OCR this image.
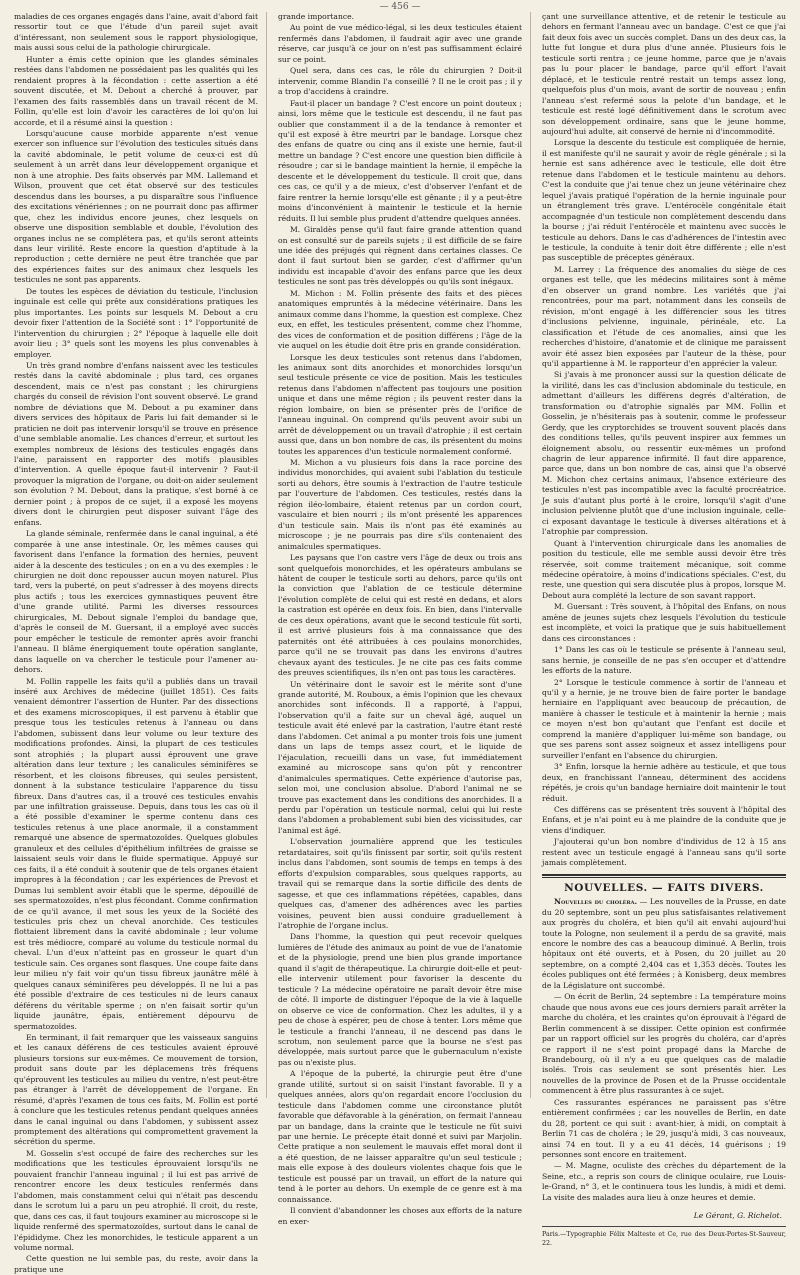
— 456 —

maladies de ces organes engagés dans l'aine, avait d'abord fait ressortir tout ce que l'étude d'un pareil sujet avait d'intéressant, non seulement sous le rapport physiologique, mais aussi sous celui de la pathologie chirurgicale.

Hunter a émis cette opinion que les glandes séminales restées dans l'abdomen ne possédaient pas les qualités qui les rendaient propres à la fécondation : cette assertion a été souvent discutée, et M. Debout a cherché à prouver, par l'examen des faits rassemblés dans un travail récent de M. Follin, qu'elle est loin d'avoir les caractères de loi qu'on lui accorde, et il a résumé ainsi la question :

Lorsqu'aucune cause morbide apparente n'est venue exercer son influence sur l'évolution des testicules situés dans la cavité abdominale, le petit volume de ceux-ci est dû seulement à un arrêt dans leur développement organique et non à une atrophie. Des faits observés par MM. Lallemand et Wilson, prouvent que cet état observé sur des testicules descendus dans les bourses, a pu disparaître sous l'influence des excitations vénériennes ; on ne pourrait donc pas affirmer que, chez les individus encore jeunes, chez lesquels on observe une disposition semblable et double, l'évolution des organes inclus ne se complétera pas, et qu'ils seront atteints dans leur virilité. Reste encore la question d'aptitude à la reproduction ; cette dernière ne peut être tranchée que par des expériences faites sur des animaux chez lesquels les testicules ne sont pas apparents.

De toutes les espèces de déviation du testicule, l'inclusion inguinale est celle qui prête aux considérations pratiques les plus importantes. Les points sur lesquels M. Debout a cru devoir fixer l'attention de la Société sont : 1° l'opportunité de l'intervention du chirurgien ; 2° l'époque à laquelle elle doit avoir lieu ; 3° quels sont les moyens les plus convenables à employer.

Un très grand nombre d'enfans naissent avec les testicules restés dans la cavité abdominale ; plus tard, ces organes descendent, mais ce n'est pas constant ; les chirurgiens chargés du conseil de révision l'ont souvent observé. Le grand nombre de déviations que M. Debout a pu examiner dans divers services des hôpitaux de Paris lui fait demander si le praticien ne doit pas intervenir lorsqu'il se trouve en présence d'une semblable anomalie. Les chances d'erreur, et surtout les exemples nombreux de lésions des testicules engagés dans l'aine, paraissent en rapporter des motifs plausibles d'intervention. A quelle époque faut-il intervenir ? Faut-il provoquer la migration de l'organe, ou doit-on aider seulement son évolution ? M. Debout, dans la pratique, s'est borné à ce dernier point ; à propos de ce sujet, il a exposé les moyens divers dont le chirurgien peut disposer suivant l'âge des enfans.

La glande séminale, renfermée dans le canal inguinal, a été comparée à une anse intestinale. Or, les mêmes causes qui favorisent dans l'enfance la formation des hernies, peuvent aider à la descente des testicules ; on en a vu des exemples : le chirurgien ne doit donc repousser aucun moyen naturel. Plus tard, vers la puberté, on peut s'adresser à des moyens directs plus actifs ; tous les exercices gymnastiques peuvent être d'une grande utilité. Parmi les diverses ressources chirurgicales, M. Debout signale l'emploi du bandage que, d'après le conseil de M. Guersant, il a employé avec succès pour empêcher le testicule de remonter après avoir franchi l'anneau. Il blâme énergiquement toute opération sanglante, dans laquelle on va chercher le testicule pour l'amener au-dehors.

M. Follin rappelle les faits qu'il a publiés dans un travail inséré aux Archives de médecine (juillet 1851). Ces faits venaient démontrer l'assertion de Hunter. Par des dissections et des examens microscopiques, il est parvenu à établir que presque tous les testicules retenus à l'anneau ou dans l'abdomen, subissent dans leur volume ou leur texture des modifications profondes. Ainsi, la plupart de ces testicules sont atrophiés ; la plupart aussi éprouvent une grave altération dans leur texture ; les canalicules séminifères se résorbent, et les cloisons fibreuses, qui seules persistent, donnent à la substance testiculaire l'apparence du tissu fibreux. Dans d'autres cas, il a trouvé ces testicules envahis par une infiltration graisseuse. Depuis, dans tous les cas où il a été possible d'examiner le sperme contenu dans ces testicules retenus à une place anormale, il a constamment remarqué une absence de spermatozoïdes. Quelques globules granuleux et des cellules d'épithélium infiltrées de graisse se laissaient seuls voir dans le fluide spermatique. Appuyé sur ces faits, il a été conduit à soutenir que de tels organes étaient impropres à la fécondation ; car les expériences de Prevost et Dumas lui semblent avoir établi que le sperme, dépouillé de ses spermatozoïdes, n'est plus fécondant. Comme confirmation de ce qu'il avance, il met sous les yeux de la Société des testicules pris chez un cheval anorchide. Ces testicules flottaient librement dans la cavité abdominale ; leur volume est très médiocre, comparé au volume du testicule normal du cheval. L'un d'eux n'atteint pas en grosseur le quart d'un testicule sain. Ces organes sont flasques. Une coupe faite dans leur milieu n'y fait voir qu'un tissu fibreux jaunâtre mêlé à quelques canaux séminifères peu développés. Il ne lui a pas été possible d'extraire de ces testicules ni de leurs canaux déférens du véritable sperme ; on n'en faisait sortir qu'un liquide jaunâtre, épais, entièrement dépourvu de spermatozoïdes.

En terminant, il fait remarquer que les vaisseaux sanguins et les canaux déférens de ces testicules avaient éprouvé plusieurs torsions sur eux-mêmes. Ce mouvement de torsion, produit sans doute par les déplacemens très fréquens qu'éprouvent les testicules au milieu du ventre, n'est peut-être pas étranger à l'arrêt de développement de l'organe. En résumé, d'après l'examen de tous ces faits, M. Follin est porté à conclure que les testicules retenus pendant quelques années dans le canal inguinal ou dans l'abdomen, y subissent assez promptement des altérations qui compromettent gravement la sécrétion du sperme.

M. Gosselin s'est occupé de faire des recherches sur les modifications que les testicules éprouvaient lorsqu'ils ne pouvaient franchir l'anneau inguinal ; il lui est pas arrivé de rencontrer encore les deux testicules renfermés dans l'abdomen, mais constamment celui qui n'était pas descendu dans le scrotum lui a paru un peu atrophié. Il croit, du reste, que, dans ces cas, il faut toujours examiner au microscope si le liquide renfermé des spermatozoïdes, surtout dans le canal de l'épididyme. Chez les monorchides, le testicule apparent a un volume normal.

Cette question ne lui semble pas, du reste, avoir dans la pratique une

grande importance.

Au point de vue médico-légal, si les deux testicules étaient renfermés dans l'abdomen, il faudrait agir avec une grande réserve, car jusqu'à ce jour on n'est pas suffisamment éclairé sur ce point.

Quel sera, dans ces cas, le rôle du chirurgien ? Doit-il intervenir, comme Blandin l'a conseillé ? Il ne le croit pas ; il y a trop d'accidens à craindre.

Faut-il placer un bandage ? C'est encore un point douteux ; ainsi, lors même que le testicule est descendu, il ne faut pas oublier que constamment il a de la tendance à remonter et qu'il est exposé à être meurtri par le bandage. Lorsque chez des enfans de quatre ou cinq ans il existe une hernie, faut-il mettre un bandage ? C'est encore une question bien difficile à résoudre ; car si le bandage maintient la hernie, il empêche la descente et le développement du testicule. Il croit que, dans ces cas, ce qu'il y a de mieux, c'est d'observer l'enfant et de faire rentrer la hernie lorsqu'elle est gênante ; il y a peut-être moins d'inconvénient à maintenir le testicule et la hernie réduits. Il lui semble plus prudent d'attendre quelques années.

M. Giraldès pense qu'il faut faire grande attention quand on est consulté sur de pareils sujets ; il est difficile de se faire une idée des préjugés qui règnent dans certaines classes. Ce dont il faut surtout bien se garder, c'est d'affirmer qu'un individu est incapable d'avoir des enfans parce que les deux testicules ne sont pas très développés ou qu'ils sont inégaux.

M. Michon : M. Follin présente des faits et des pièces anatomiques empruntés à la médecine vétérinaire. Dans les animaux comme dans l'homme, la question est complexe. Chez eux, en effet, les testicules présentent, comme chez l'homme, des vices de conformation et de position différens ; l'âge de la vie auquel on les étudie doit être pris en grande considération.

Lorsque les deux testicules sont retenus dans l'abdomen, les animaux sont dits anorchides et monorchides lorsqu'un seul testicule présente ce vice de position. Mais les testicules retenus dans l'abdomen n'affectent pas toujours une position unique et dans une même région ; ils peuvent rester dans la région lombaire, on bien se présenter près de l'orifice de l'anneau inguinal. On comprend qu'ils peuvent avoir subi un arrêt de développement ou un travail d'atrophie ; il est certain aussi que, dans un bon nombre de cas, ils présentent du moins toutes les apparences d'un testicule normalement conformé.

M. Michon a vu plusieurs fois dans la race porcine des individus monorchides, qui avaient subi l'ablation du testicule sorti au dehors, être soumis à l'extraction de l'autre testicule par l'ouverture de l'abdomen. Ces testicules, restés dans la région iléo-lombaire, étaient retenus par un cordon court, vasculaire et bien nourri ; ils m'ont présenté les apparences d'un testicule sain. Mais ils n'ont pas été examinés au microscope ; je ne pourrais pas dire s'ils contenaient des animalcules spermatiques.

Les paysans que l'on castre vers l'âge de deux ou trois ans sont quelquefois monorchides, et les opérateurs ambulans se hâtent de couper le testicule sorti au dehors, parce qu'ils ont la conviction que l'ablation de ce testicule détermine l'évolution complète de celui qui est resté en dedans, et alors la castration est opérée en deux fois. En bien, dans l'intervalle de ces deux opérations, avant que le second testicule fût sorti, il est arrivé plusieurs fois à ma connaissance que des paternités ont été attribuées à ces poulains monorchides, parce qu'il ne se trouvait pas dans les environs d'autres chevaux ayant des testicules. Je ne cite pas ces faits comme des preuves scientifiques, ils n'en ont pas tous les caractères.

Un vétérinaire dont le savoir est le mérite sont d'une grande autorité, M. Rouboux, a émis l'opinion que les chevaux anorchides sont inféconds. Il a rapporté, à l'appui, l'observation qu'il a faite sur un cheval âgé, auquel un testicule avait été enlevé par la castration, l'autre étant resté dans l'abdomen. Cet animal a pu monter trois fois une jument dans un laps de temps assez court, et le liquide de l'éjaculation, recueilli dans un vase, fut immédiatement examiné au microscope sans qu'on pût y rencontrer d'animalcules spermatiques. Cette expérience d'autorise pas, selon moi, une conclusion absolue. D'abord l'animal ne se trouve pas exactement dans les conditions des anorchides. Il a perdu par l'opération un testicule normal, celui qui lui reste dans l'abdomen a probablement subi bien des vicissitudes, car l'animal est âgé.

L'observation journalière apprend que les testicules retardataires, soit qu'ils finissent par sortir, soit qu'ils restent inclus dans l'abdomen, sont soumis de temps en temps à des efforts d'expulsion comparables, sous quelques rapports, au travail qui se remarque dans la sortie difficile des dents de sagesse, et que ces inflammations répétées, capables, dans quelques cas, d'amener des adhérences avec les parties voisines, peuvent bien aussi conduire graduellement à l'atrophie de l'organe inclus.

Dans l'homme, la question qui peut recevoir quelques lumières de l'étude des animaux au point de vue de l'anatomie et de la physiologie, prend une bien plus grande importance quand il s'agit de thérapeutique. La chirurgie doit-elle et peut-elle intervenir utilement pour favoriser la descente du testicule ? La médecine opératoire ne paraît devoir être mise de côté. Il importe de distinguer l'époque de la vie à laquelle on observe ce vice de conformation. Chez les adultes, il y a peu de chose à espérer, peu de chose à tenter. Lors même que le testicule a franchi l'anneau, il ne descend pas dans le scrotum, non seulement parce que la bourse ne s'est pas développée, mais surtout parce que le gubernaculum n'existe pas ou n'existe plus.

A l'époque de la puberté, la chirurgie peut être d'une grande utilité, surtout si on saisit l'instant favorable. Il y a quelques années, alors qu'on regardait encore l'occlusion du testicule dans l'abdomen comme une circonstance plutôt favorable que défavorable à la génération, on fermait l'anneau par un bandage, dans la crainte que le testicule ne fût suivi par une hernie. Le précepte était donné et suivi par Marjolin. Cette pratique a non seulement le mauvais effet moral dont il a été question, de ne laisser apparaître qu'un seul testicule ; mais elle expose à des douleurs violentes chaque fois que le testicule est poussé par un travail, un effort de la nature qui tend à le porter au dehors. Un exemple de ce genre est à ma connaissance.

Il convient d'abandonner les choses aux efforts de la nature en exer-

çant une surveillance attentive, et de retenir le testicule au dehors en fermant l'anneau avec un bandage. C'est ce que j'ai fait deux fois avec un succès complet. Dans un des deux cas, la lutte fut longue et dura plus d'une année. Plusieurs fois le testicule sorti rentra ; ce jeune homme, parce que je n'avais pas lu pour placer le bandage, parce qu'il effort l'avait déplacé, et le testicule rentré restait un temps assez long, quelquefois plus d'un mois, avant de sortir de nouveau ; enfin l'anneau s'est refermé sous la pelote d'un bandage, et le testicule est resté logé définitivement dans le scrotum avec son développement ordinaire, sans que le jeune homme, aujourd'hui adulte, ait conservé de hernie ni d'incommodité.

Lorsque la descente du testicule est compliquée de hernie, il est manifeste qu'il ne saurait y avoir de règle générale ; si la hernie est sans adhérence avec le testicule, elle doit être retenue dans l'abdomen et le testicule maintenu au dehors. C'est la conduite que j'ai tenue chez un jeune vétérinaire chez lequel j'avais pratiqué l'opération de la hernie inguinale pour un étranglement très grave. L'entérocèle congénitale était accompagnée d'un testicule non complètement descendu dans la bourse ; j'ai réduit l'entérocèle et maintenu avec succès le testicule au dehors. Dans le cas d'adhérences de l'intestin avec le testicule, la conduite à tenir doit être différente ; elle n'est pas susceptible de préceptes généraux.

M. Larrey : La fréquence des anomalies du siège de ces organes est telle, que les médecins militaires sont à même d'en observer un grand nombre. Les variétés que j'ai rencontrées, pour ma part, notamment dans les conseils de révision, m'ont engagé à les différencier sous les titres d'inclusions pelvienne, inguinale, périnéale, etc. La classification et l'étude de ces anomalies, ainsi que les recherches d'histoire, d'anatomie et de clinique me paraissent avoir été assez bien exposées par l'auteur de la thèse, pour qu'il appartienne à M. le rapporteur d'en apprécier la valeur.

Si j'avais à me prononcer aussi sur la question délicate de la virilité, dans les cas d'inclusion abdominale du testicule, en admettant d'ailleurs les différens degrés d'altération, de transformation ou d'atrophie signalés par MM. Follin et Gosselin, je n'hésiterais pas à soutenir, comme le professeur Gerdy, que les cryptorchides se trouvent souvent placés dans des conditions telles, qu'ils peuvent inspirer aux femmes un éloignement absolu, ou ressentir eux-mêmes un profond chagrin de leur apparence infirmité. Il faut dire apparence, parce que, dans un bon nombre de cas, ainsi que l'a observé M. Michon chez certains animaux, l'absence extérieure des testicules n'est pas incompatible avec la faculté procréatrice. Je suis d'autant plus porté à le croire, lorsqu'il s'agit d'une inclusion pelvienne plutôt que d'une inclusion inguinale, celle-ci exposant davantage le testicule à diverses altérations et à l'atrophie par compression.

Quant à l'intervention chirurgicale dans les anomalies de position du testicule, elle me semble aussi devoir être très réservée, soit comme traitement mécanique, soit comme médecine opératoire, à moins d'indications spéciales. C'est, du reste, une question qui sera discutée plus à propos, lorsque M. Debout aura complété la lecture de son savant rapport.

M. Guersant : Très souvent, à l'hôpital des Enfans, on nous amène de jeunes sujets chez lesquels l'évolution du testicule est incomplète, et voici la pratique que je suis habituellement dans ces circonstances :

1° Dans les cas où le testicule se présente à l'anneau seul, sans hernie, je conseille de ne pas s'en occuper et d'attendre les efforts de la nature.

2° Lorsque le testicule commence à sortir de l'anneau et qu'il y a hernie, je ne trouve bien de faire porter le bandage herniaire en l'appliquant avec beaucoup de précaution, de manière à chasser le testicule et à maintenir la hernie ; mais ce moyen n'est bon qu'autant que l'enfant est docile et comprend la manière d'appliquer lui-même son bandage, ou que ses parens sont assez soigneux et assez intelligens pour surveiller l'enfant en l'absence du chirurgien.

3° Enfin, lorsque la hernie adhère au testicule, et que tous deux, en franchissant l'anneau, déterminent des accidens répétés, je crois qu'un bandage herniaire doit maintenir le tout réduit.

Ces différens cas se présentent très souvent à l'hôpital des Enfans, et je n'ai point eu à me plaindre de la conduite que je viens d'indiquer.

J'ajouterai qu'un bon nombre d'individus de 12 à 15 ans restent avec un testicule engagé à l'anneau sans qu'il sorte jamais complètement.

NOUVELLES. — FAITS DIVERS.

Nouvelles du choléra. — Les nouvelles de la Prusse, en date du 20 septembre, sont un peu plus satisfaisantes relativement aux progrès du choléra, et bien qu'il ait envahi aujourd'hui toute la Pologne, non seulement il a perdu de sa gravité, mais encore le nombre des cas a beaucoup diminué. A Berlin, trois hôpitaux ont été ouverts, et à Posen, du 20 juillet au 20 septembre, on a compté 2,404 cas et 1,353 décès. Toutes les écoles publiques ont été fermées ; à Konisberg, deux membres de la Législature ont succombé.

— On écrit de Berlin, 24 septembre : La température moins chaude que nous avons eue ces jours derniers paraît arrêter la marche du choléra, et les craintes qu'on éprouvait à l'égard de Berlin commencent à se dissiper. Cette opinion est confirmée par un rapport officiel sur les progrès du choléra, car d'après ce rapport il ne s'est point propagé dans la Marche de Brandebourg, où il n'y a eu que quelques cas de maladie isolés. Trois cas seulement se sont présentés hier. Les nouvelles de la province de Posen et de la Prusse occidentale commencent à être plus rassurantes à ce sujet.

Ces rassurantes espérances ne paraissent pas s'être entièrement confirmées ; car les nouvelles de Berlin, en date du 28, portent ce qui suit : avant-hier, à midi, on comptait à Berlin 71 cas de choléra ; le 29, jusqu'à midi, 3 cas nouveaux, ainsi 74 en tout. Il y a eu 41 décès, 14 guérisons ; 19 personnes sont encore en traitement.

— M. Magne, oculiste des crèches du département de la Seine, etc., a repris son cours de clinique oculaire, rue Louis-le-Grand, n° 3, et le continuera tous les lundis, à midi et demi. La visite des malades aura lieu à onze heures et demie.

Le Gérant, G. Richelot.

Paris.—Typographie Félix Malteste et Ce, rue des Deux-Portes-St-Sauveur, 22.
